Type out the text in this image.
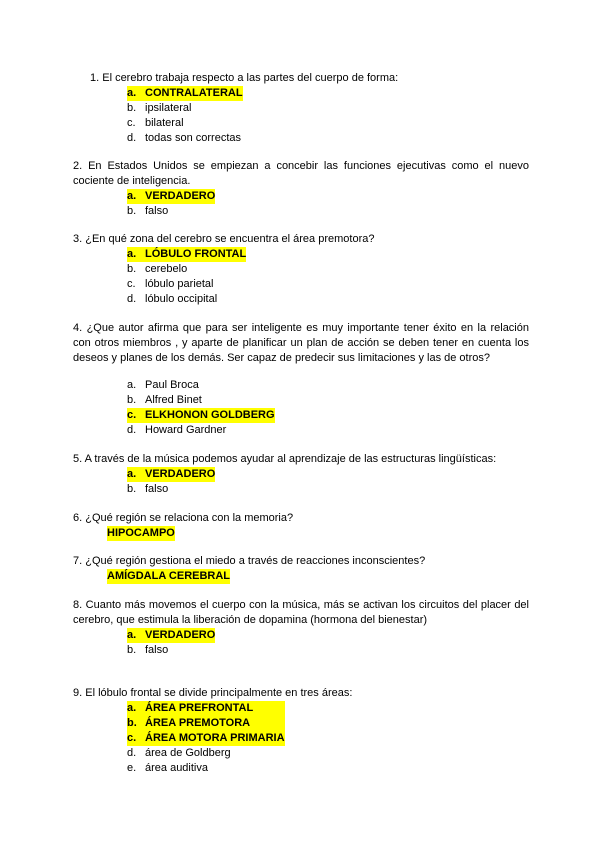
1. El cerebro trabaja respecto a las partes del cuerpo de forma:
a. CONTRALATERAL
b. ipsilateral
c. bilateral
d. todas son correctas
2. En Estados Unidos se empiezan a concebir las funciones ejecutivas como el nuevo cociente de inteligencia.
a. VERDADERO
b. falso
3. ¿En qué zona del cerebro se encuentra el área premotora?
a. LÓBULO FRONTAL
b. cerebelo
c. lóbulo parietal
d. lóbulo occipital
4. ¿Que autor afirma que para ser inteligente es muy importante tener éxito en la relación con otros miembros , y aparte de planificar un plan de acción se deben tener en cuenta los deseos y planes de los demás. Ser capaz de predecir sus limitaciones y las de otros?
a. Paul Broca
b. Alfred Binet
c. ELKHONON GOLDBERG
d. Howard Gardner
5. A través de la música podemos ayudar al aprendizaje de las estructuras lingüísticas:
a. VERDADERO
b. falso
6. ¿Qué región se relaciona con la memoria?
HIPOCAMPO
7. ¿Qué región gestiona el miedo a través de reacciones inconscientes?
AMÍGDALA CEREBRAL
8. Cuanto más movemos el cuerpo con la música, más se activan los circuitos del placer del cerebro, que estimula la liberación de dopamina (hormona del bienestar)
a. VERDADERO
b. falso
9. El lóbulo frontal se divide principalmente en tres áreas:
a. ÁREA PREFRONTAL
b. ÁREA PREMOTORA
c. ÁREA MOTORA PRIMARIA
d. área de Goldberg
e. área auditiva
